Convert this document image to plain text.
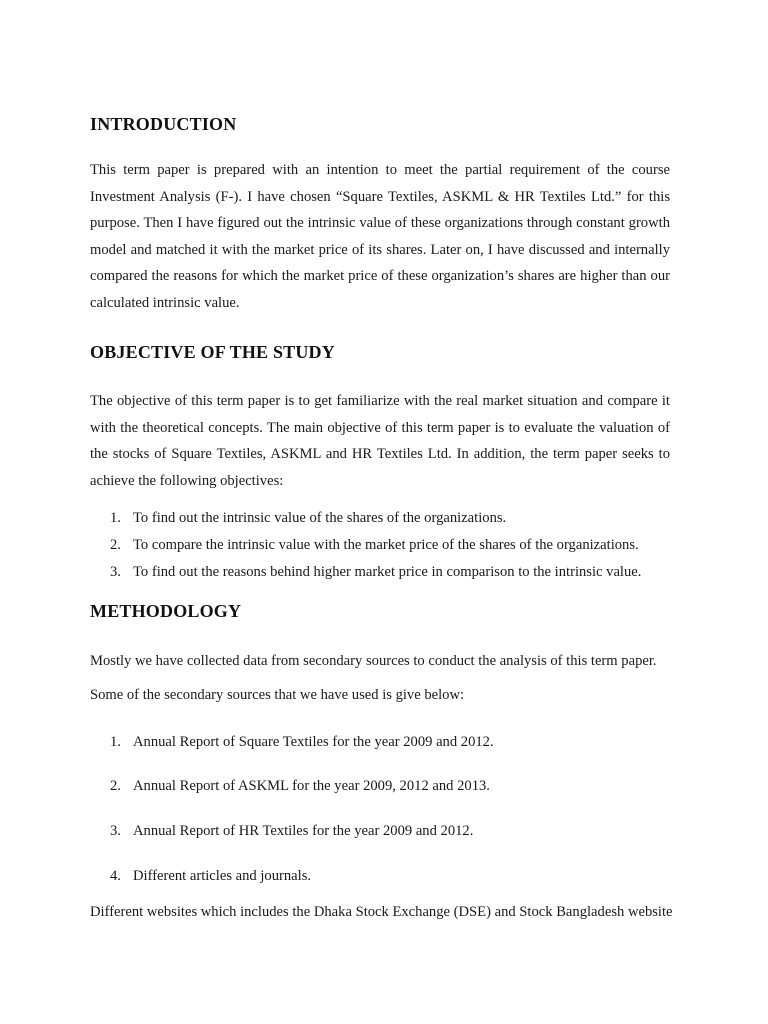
INTRODUCTION

This term paper is prepared with an intention to meet the partial requirement of the course Investment Analysis (F-). I have chosen “Square Textiles, ASKML & HR Textiles Ltd.” for this purpose. Then I have figured out the intrinsic value of these organizations through constant growth model and matched it with the market price of its shares. Later on, I have discussed and internally compared the reasons for which the market price of these organization’s shares are higher than our calculated intrinsic value.

OBJECTIVE OF THE STUDY

The objective of this term paper is to get familiarize with the real market situation and compare it with the theoretical concepts. The main objective of this term paper is to evaluate the valuation of the stocks of Square Textiles, ASKML and HR Textiles Ltd. In addition, the term paper seeks to achieve the following objectives:

1. To find out the intrinsic value of the shares of the organizations.
2. To compare the intrinsic value with the market price of the shares of the organizations.
3. To find out the reasons behind higher market price in comparison to the intrinsic value.
METHODOLOGY

Mostly we have collected data from secondary sources to conduct the analysis of this term paper.

Some of the secondary sources that we have used is give below:

1. Annual Report of Square Textiles for the year 2009 and 2012.
2. Annual Report of ASKML for the year 2009, 2012 and 2013.
3. Annual Report of HR Textiles for the year 2009 and 2012.
4. Different articles and journals.

Different websites which includes the Dhaka Stock Exchange (DSE) and Stock Bangladesh website
